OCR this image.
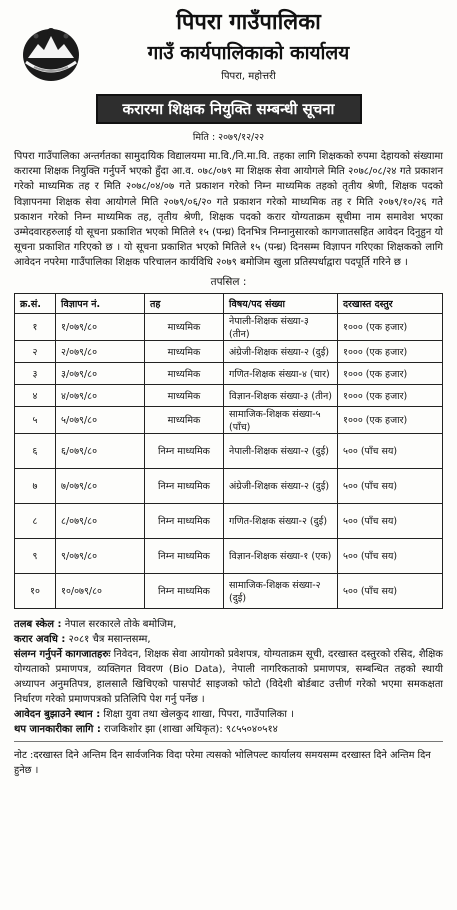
पिपरा गाउँपालिका
गाउँ कार्यपालिकाको कार्यालय
पिपरा, महोत्तरी
करारमा शिक्षक नियुक्ति सम्बन्धी सूचना
मिति : २०७९/१२/२२
पिपरा गाउँपालिका अन्तर्गतका सामुदायिक विद्यालयमा मा.वि./नि.मा.वि. तहका लागि शिक्षकको रुपमा देहायको संख्यामा करारमा शिक्षक नियुक्ति गर्नुपर्ने भएको हुँदा आ.व. ०७८/०७९ मा शिक्षक सेवा आयोगले मिति २०७८/०८/२४ गते प्रकाशन गरेको माध्यमिक तह र मिति २०७८/०४/०७ गते प्रकाशन गरेको निम्न माध्यमिक तहको तृतीय श्रेणी, शिक्षक पदको विज्ञापनमा शिक्षक सेवा आयोगले मिति २०७९/०६/२० गते प्रकाशन गरेको माध्यमिक तह र मिति २०७९/१०/२६ गते प्रकाशन गरेको निम्न माध्यमिक तह, तृतीय श्रेणी, शिक्षक पदको करार योग्यताक्रम सूचीमा नाम समावेश भएका उम्मेदवारहरुलाई यो सूचना प्रकाशित भएको मितिले १५ (पन्ध्र) दिनभित्र निम्नानुसारको कागजातसहित आवेदन दिनुहुन यो सूचना प्रकाशित गरिएको छ । यो सूचना प्रकाशित भएको मितिले १५ (पन्ध्र) दिनसम्म विज्ञापन गरिएका शिक्षकको लागि आवेदन नपरेमा गाउँपालिका शिक्षक परिचालन कार्यविधि २०७९ बमोजिम खुला प्रतिस्पर्धाद्वारा पदपूर्ति गरिने छ ।
तपसिल :
क्र.सं.	विज्ञापन नं.	तह	विषय/पद संख्या	दरखास्त दस्तुर
१	१/०७९/८०	माध्यमिक	नेपाली-शिक्षक संख्या-३ (तीन)	१००० (एक हजार)
२	२/०७९/८०	माध्यमिक	अंग्रेजी-शिक्षक संख्या-२ (दुई)	१००० (एक हजार)
३	३/०७९/८०	माध्यमिक	गणित-शिक्षक संख्या-४ (चार)	१००० (एक हजार)
४	४/०७९/८०	माध्यमिक	विज्ञान-शिक्षक संख्या-३ (तीन)	१००० (एक हजार)
५	५/०७९/८०	माध्यमिक	सामाजिक-शिक्षक संख्या-५ (पाँच)	१००० (एक हजार)
६	६/०७९/८०	निम्न माध्यमिक	नेपाली-शिक्षक संख्या-२ (दुई)	५०० (पाँच सय)
७	७/०७९/८०	निम्न माध्यमिक	अंग्रेजी-शिक्षक संख्या-२ (दुई)	५०० (पाँच सय)
८	८/०७९/८०	निम्न माध्यमिक	गणित-शिक्षक संख्या-२ (दुई)	५०० (पाँच सय)
९	९/०७९/८०	निम्न माध्यमिक	विज्ञान-शिक्षक संख्या-१ (एक)	५०० (पाँच सय)
१०	१०/०७९/८०	निम्न माध्यमिक	सामाजिक-शिक्षक संख्या-२ (दुई)	५०० (पाँच सय)
तलब स्केल : नेपाल सरकारले तोके बमोजिम,
करार अवधि : २०८१ चैत्र मसान्तसम्म,
संलग्न गर्नुपर्ने कागजातहरुः निवेदन, शिक्षक सेवा आयोगको प्रवेशपत्र, योग्यताक्रम सूची, दरखास्त दस्तुरको रसिद, शैक्षिक योग्यताको प्रमाणपत्र, व्यक्तिगत विवरण (Bio Data), नेपाली नागरिकताको प्रमाणपत्र, सम्बन्धित तहको स्थायी अध्यापन अनुमतिपत्र, हालसालै खिचिएको पासपोर्ट साइजको फोटो (विदेशी बोर्डबाट उत्तीर्ण गरेको भएमा समकक्षता निर्धारण गरेको प्रमाणपत्रको प्रतिलिपि पेश गर्नु पर्नेछ ।
आवेदन बुझाउने स्थान : शिक्षा युवा तथा खेलकुद शाखा, पिपरा, गाउँपालिका ।
थप जानकारीका लागि : राजकिशोर झा (शाखा अधिकृत): ९८५५०४०५१४
नोट :दरखास्त दिने अन्तिम दिन सार्वजनिक विदा परेमा त्यसको भोलिपल्ट कार्यालय समयसम्म दरखास्त दिने अन्तिम दिन हुनेछ ।
